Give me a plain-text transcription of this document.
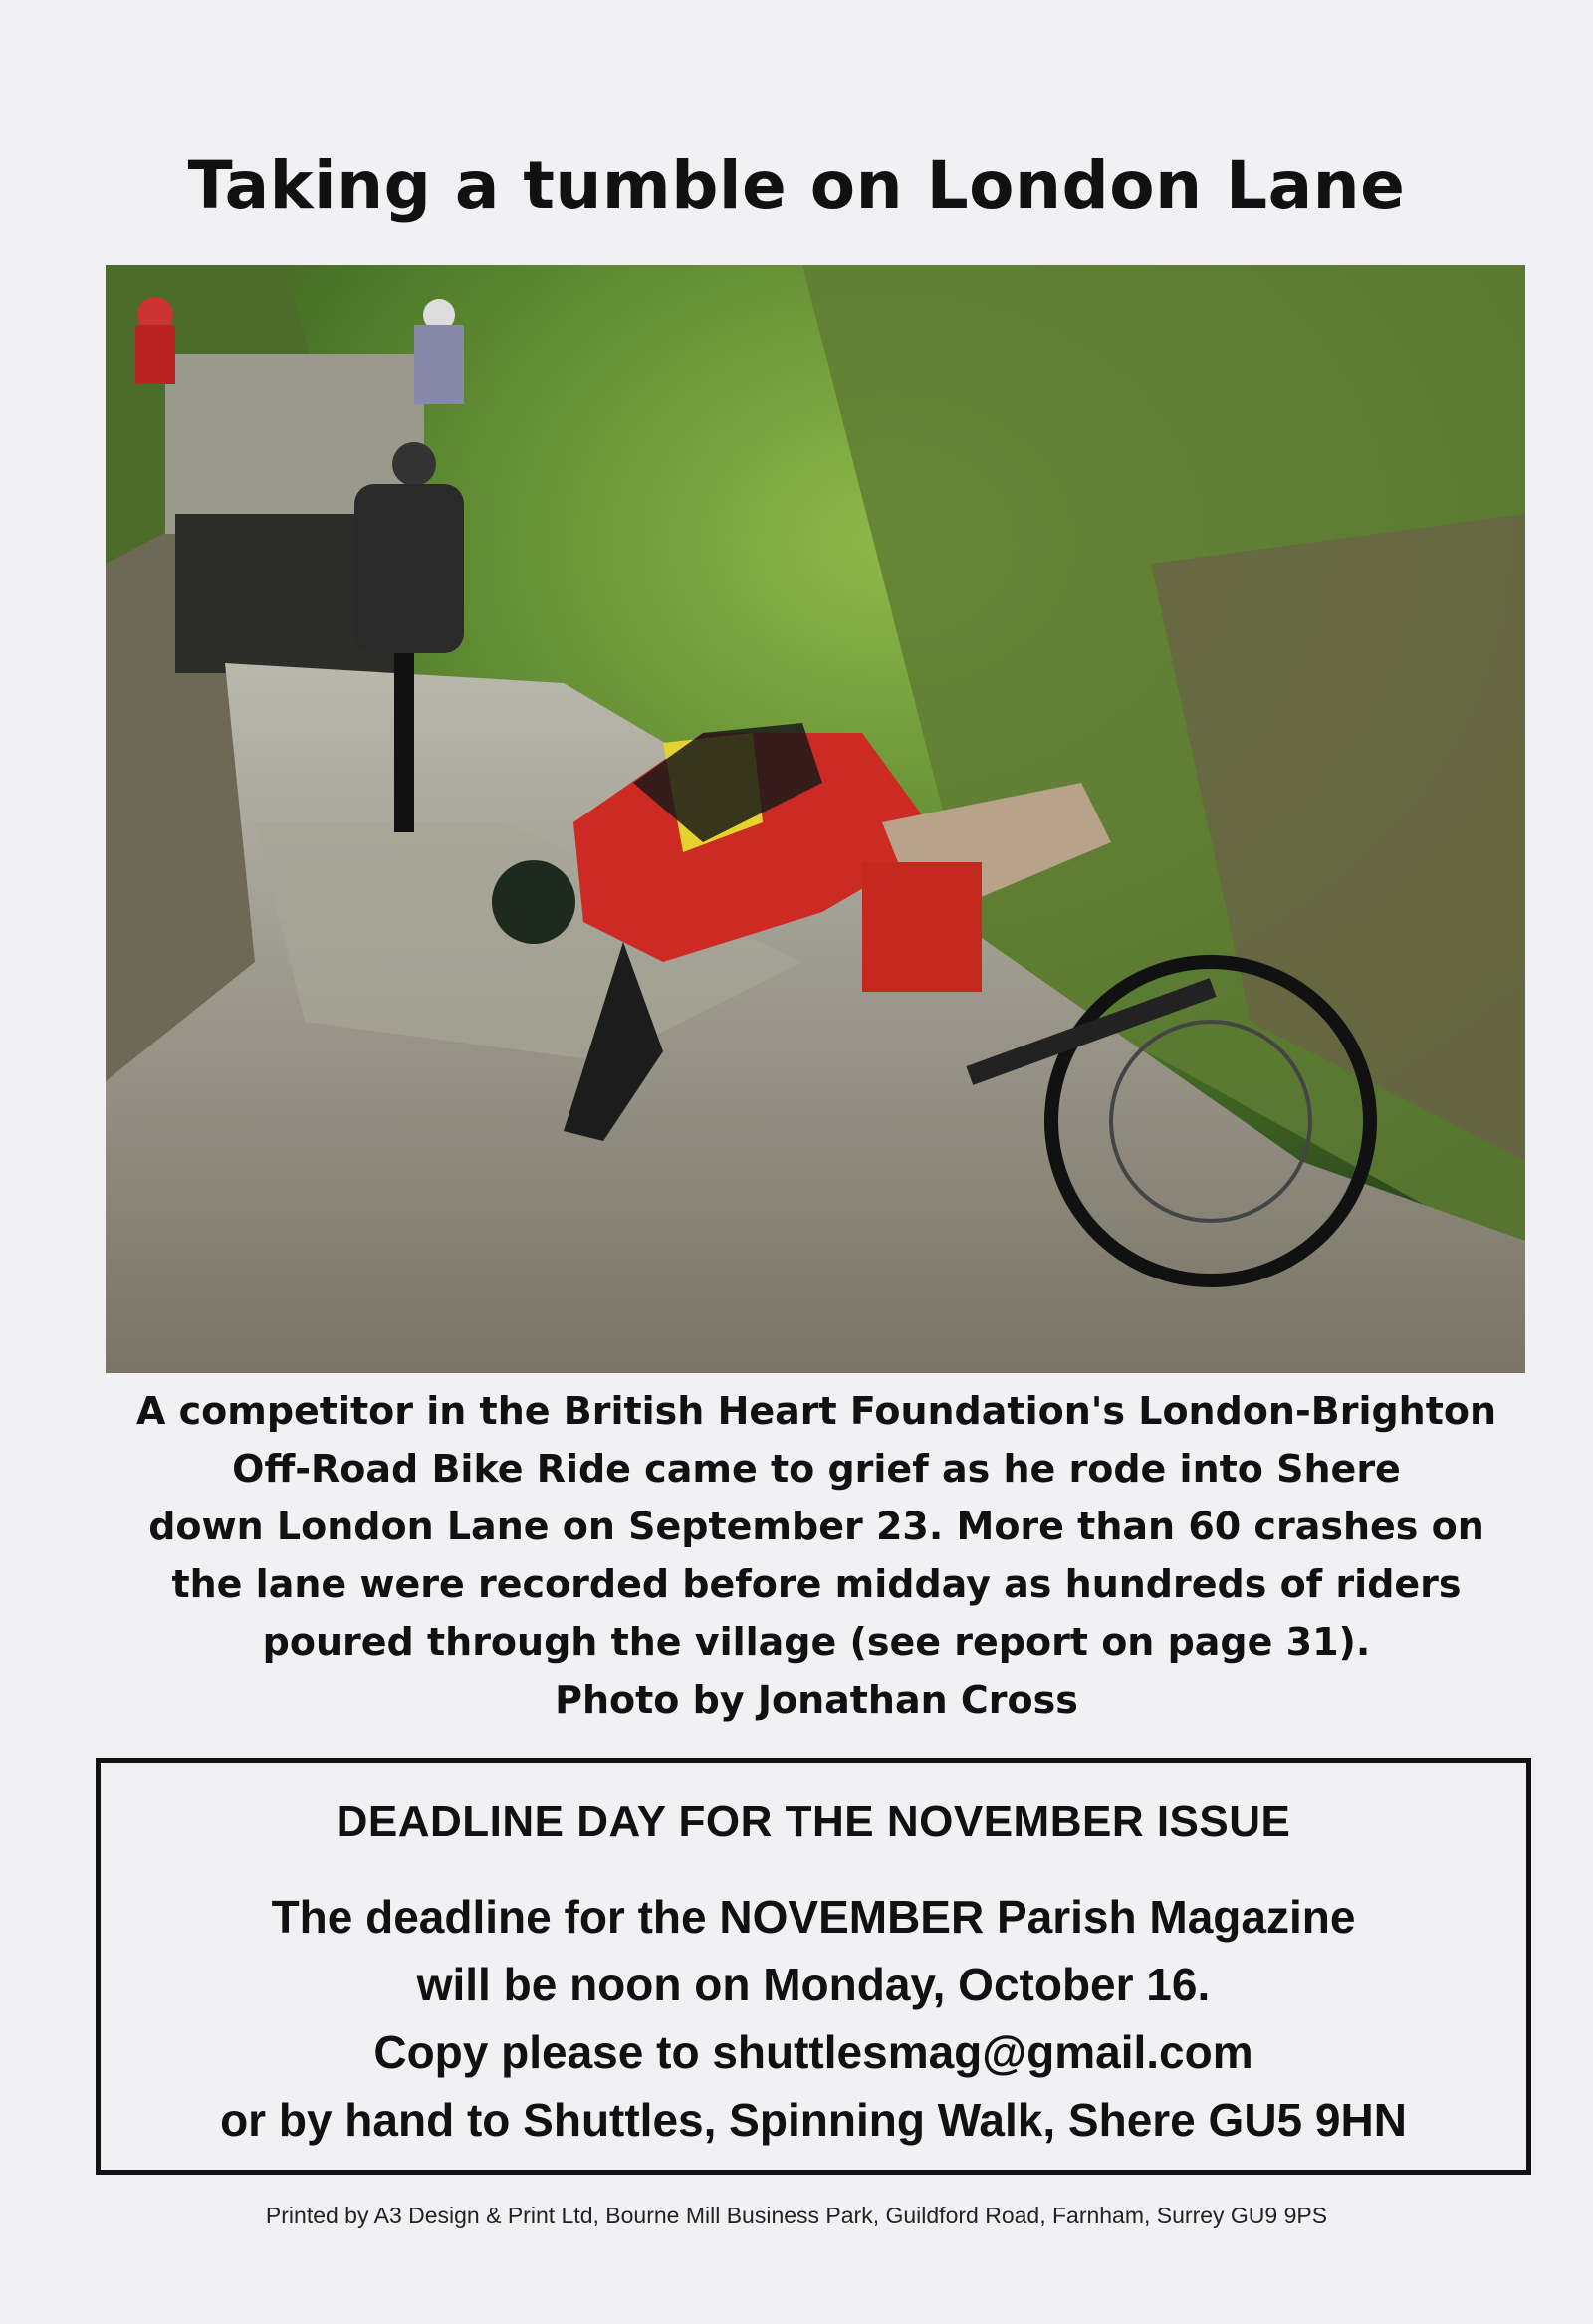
Taking a tumble on London Lane
A competitor in the British Heart Foundation's London-Brighton
Off-Road Bike Ride came to grief as he rode into Shere
down London Lane on September 23. More than 60 crashes on
the lane were recorded before midday as hundreds of riders
poured through the village (see report on page 31).
Photo by Jonathan Cross
DEADLINE DAY FOR THE NOVEMBER ISSUE
The deadline for the NOVEMBER Parish Magazine
will be noon on Monday, October 16.
Copy please to shuttlesmag@gmail.com
or by hand to Shuttles, Spinning Walk, Shere GU5 9HN
Printed by A3 Design & Print Ltd, Bourne Mill Business Park, Guildford Road, Farnham, Surrey GU9 9PS
